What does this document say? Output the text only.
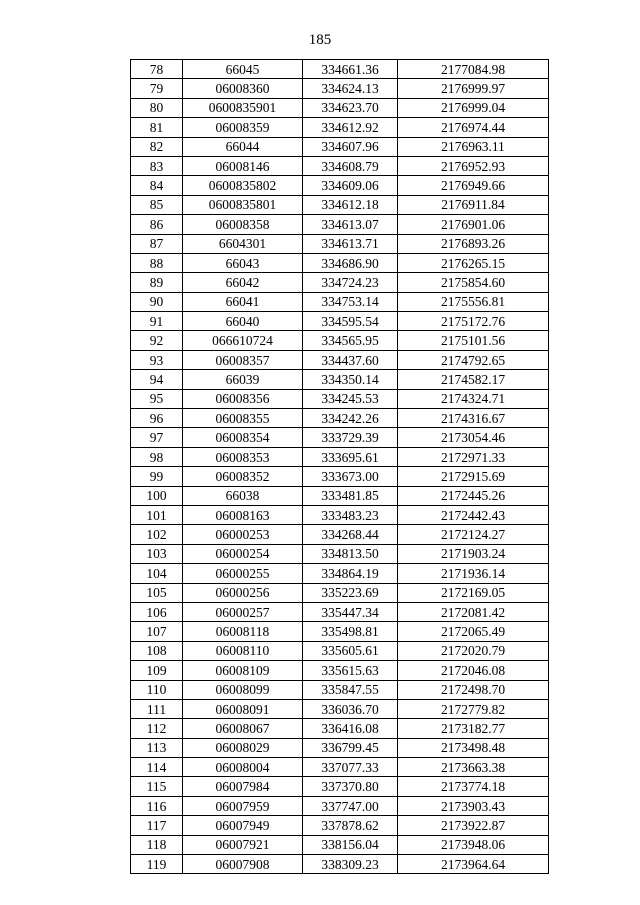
185
78	66045	334661.36	2177084.98
79	06008360	334624.13	2176999.97
80	0600835901	334623.70	2176999.04
81	06008359	334612.92	2176974.44
82	66044	334607.96	2176963.11
83	06008146	334608.79	2176952.93
84	0600835802	334609.06	2176949.66
85	0600835801	334612.18	2176911.84
86	06008358	334613.07	2176901.06
87	6604301	334613.71	2176893.26
88	66043	334686.90	2176265.15
89	66042	334724.23	2175854.60
90	66041	334753.14	2175556.81
91	66040	334595.54	2175172.76
92	066610724	334565.95	2175101.56
93	06008357	334437.60	2174792.65
94	66039	334350.14	2174582.17
95	06008356	334245.53	2174324.71
96	06008355	334242.26	2174316.67
97	06008354	333729.39	2173054.46
98	06008353	333695.61	2172971.33
99	06008352	333673.00	2172915.69
100	66038	333481.85	2172445.26
101	06008163	333483.23	2172442.43
102	06000253	334268.44	2172124.27
103	06000254	334813.50	2171903.24
104	06000255	334864.19	2171936.14
105	06000256	335223.69	2172169.05
106	06000257	335447.34	2172081.42
107	06008118	335498.81	2172065.49
108	06008110	335605.61	2172020.79
109	06008109	335615.63	2172046.08
110	06008099	335847.55	2172498.70
111	06008091	336036.70	2172779.82
112	06008067	336416.08	2173182.77
113	06008029	336799.45	2173498.48
114	06008004	337077.33	2173663.38
115	06007984	337370.80	2173774.18
116	06007959	337747.00	2173903.43
117	06007949	337878.62	2173922.87
118	06007921	338156.04	2173948.06
119	06007908	338309.23	2173964.64
